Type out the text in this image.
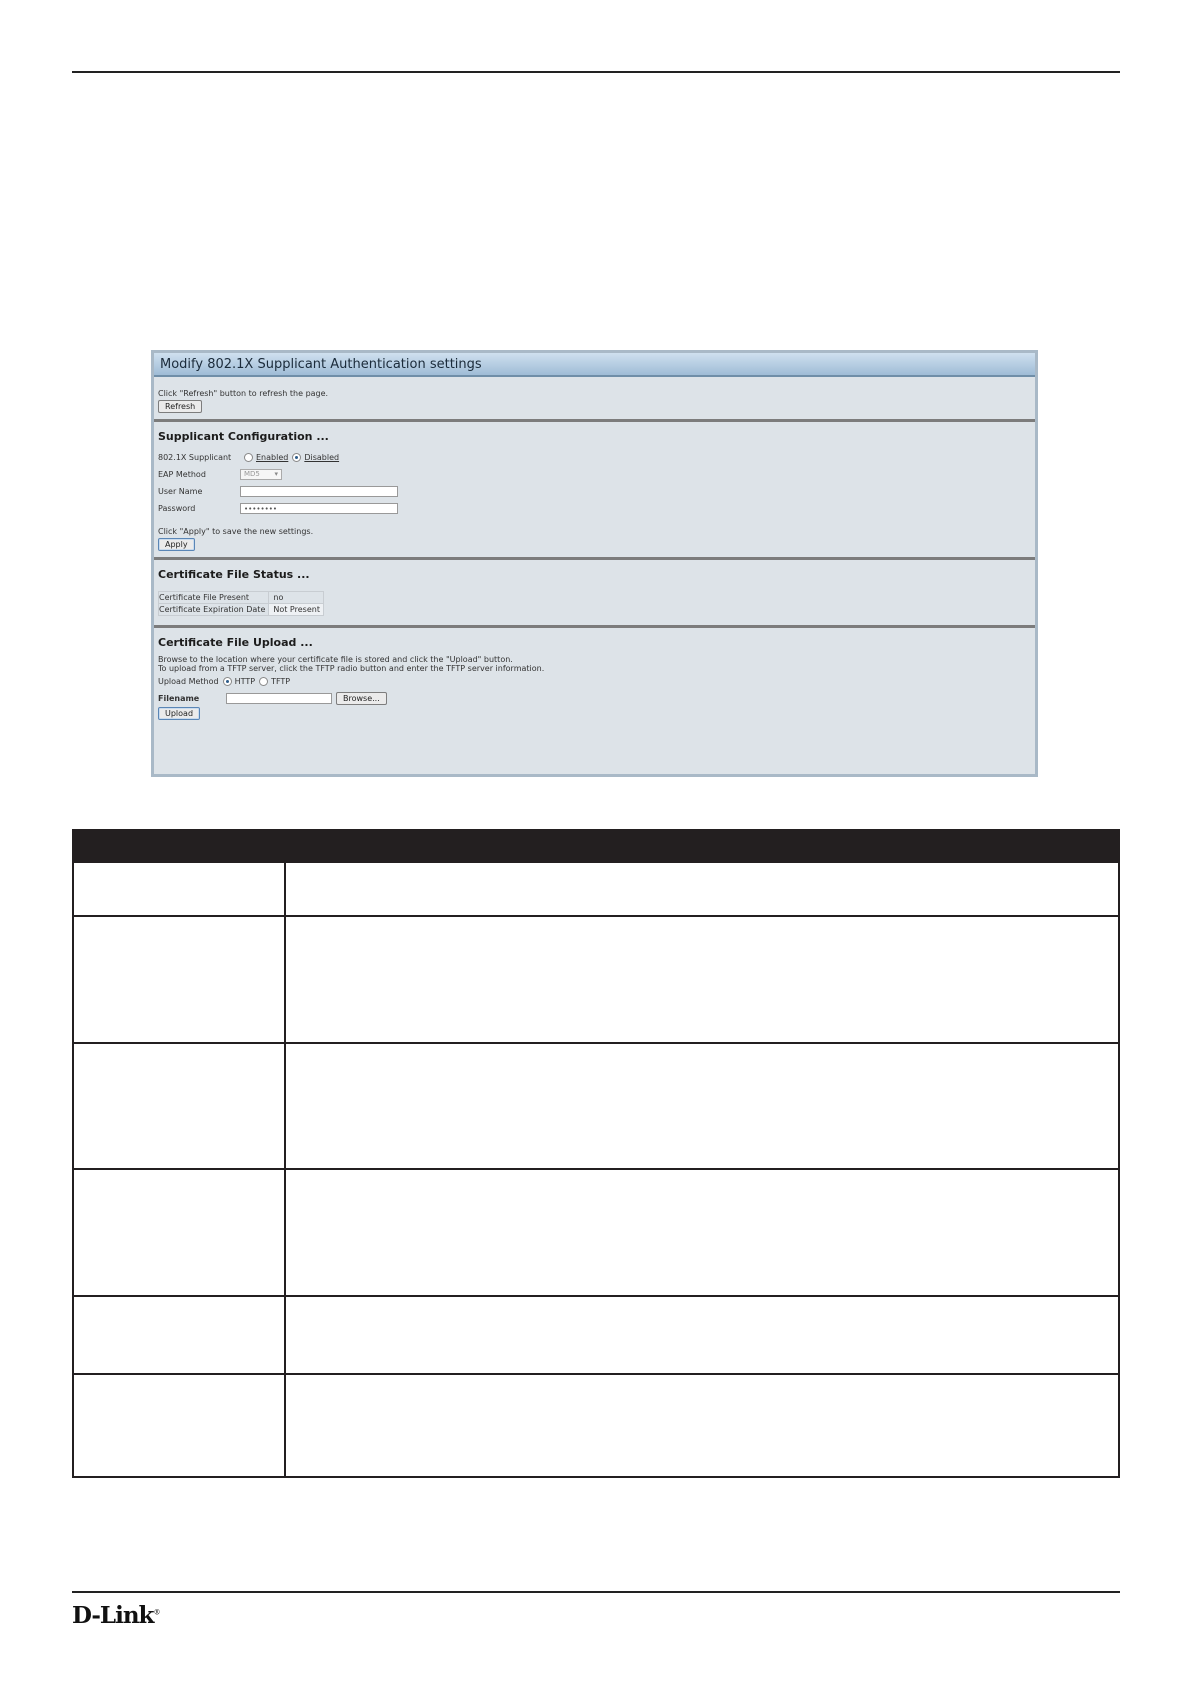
Modify 802.1X Supplicant Authentication settings
Click "Refresh" button to refresh the page.
Refresh
Supplicant Configuration ...
802.1X Supplicant	Enabled Disabled
EAP Method	MD5 ▾
User Name
Password	••••••••
Click "Apply" to save the new settings.
Apply
Certificate File Status ...
Certificate File Present	no
Certificate Expiration Date	Not Present
Certificate File Upload ...
Browse to the location where your certificate file is stored and click the "Upload" button.
To upload from a TFTP server, click the TFTP radio button and enter the TFTP server information.
Upload Method HTTP TFTP
Filename	Browse...
Upload

D-Link®
